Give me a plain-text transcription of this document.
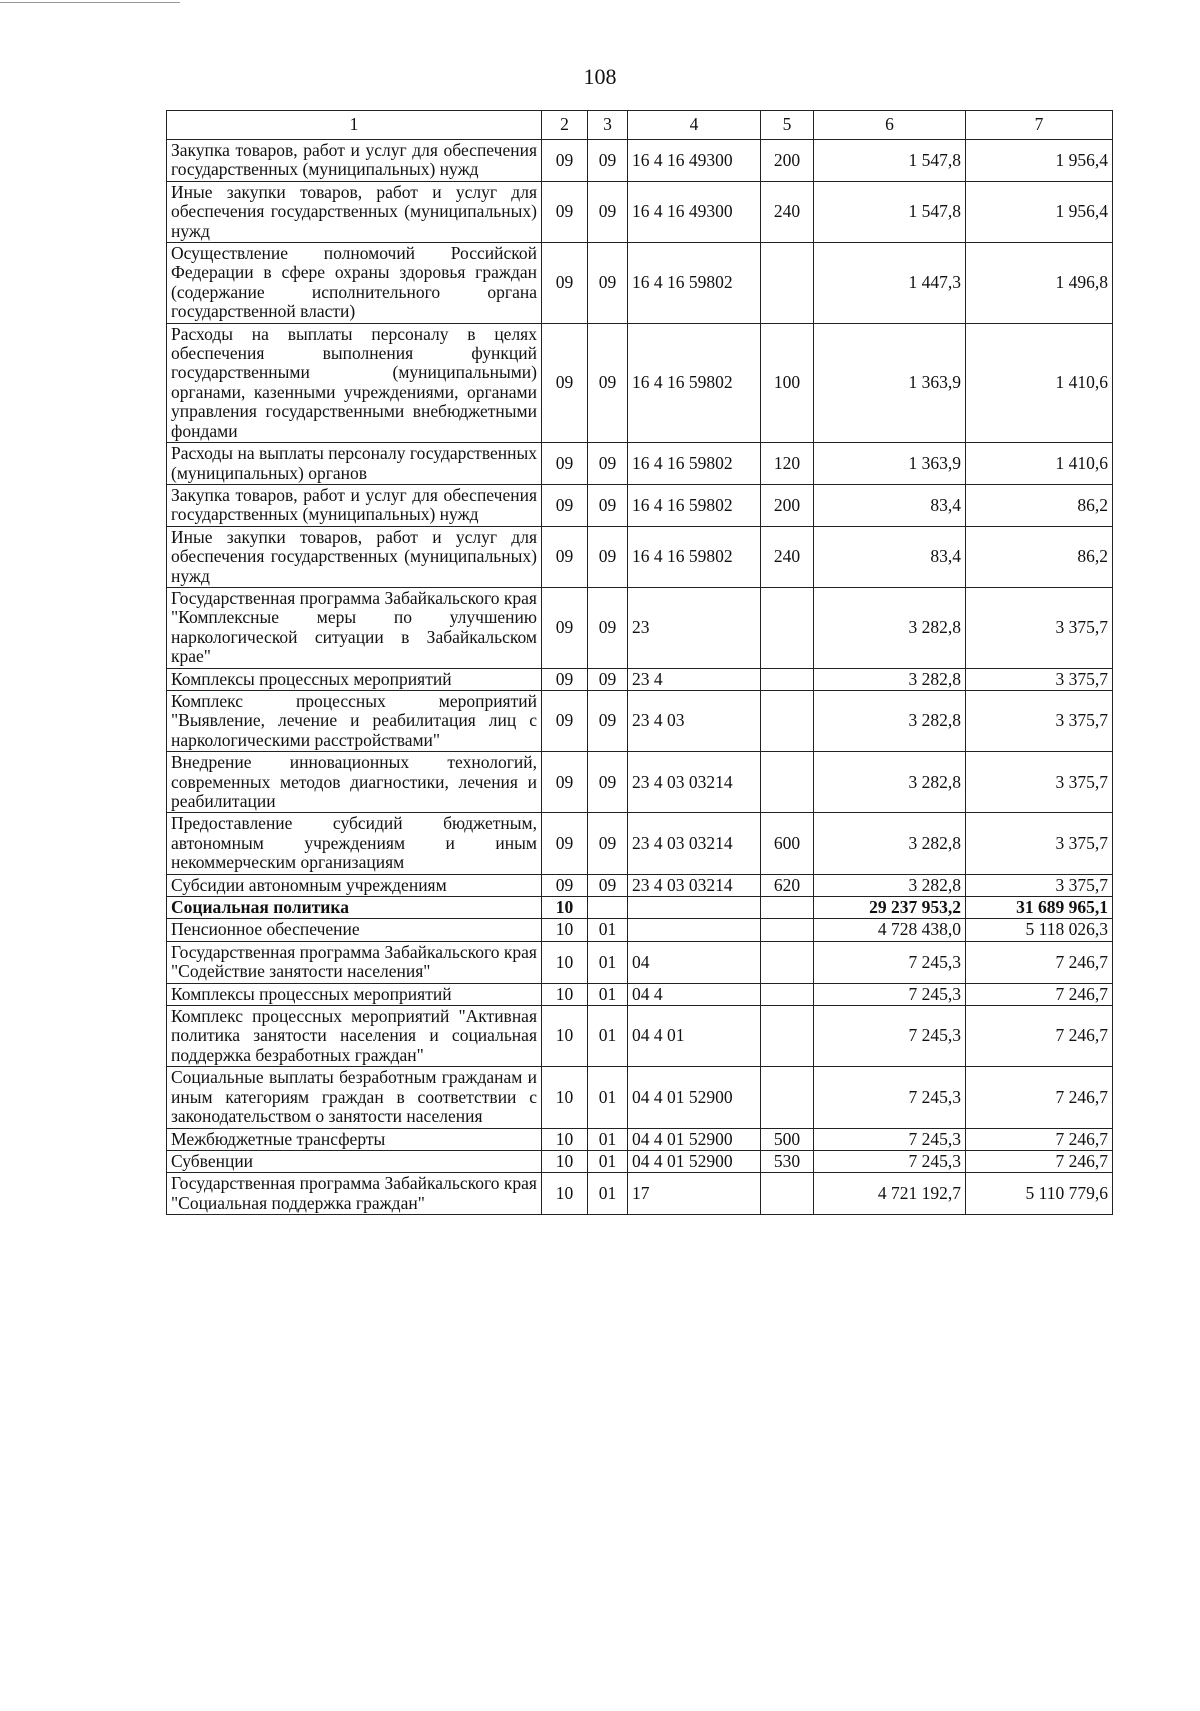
108
1	2	3	4	5	6	7
Закупка товаров, работ и услуг для обеспечения государственных (муниципальных) нужд	09	09	16 4 16 49300	200	1 547,8	1 956,4
Иные закупки товаров, работ и услуг для обеспечения государственных (муниципальных) нужд	09	09	16 4 16 49300	240	1 547,8	1 956,4
Осуществление полномочий Российской Федерации в сфере охраны здоровья граждан (содержание исполнительного органа государственной власти)	09	09	16 4 16 59802		1 447,3	1 496,8
Расходы на выплаты персоналу в целях обеспечения выполнения функций государственными (муниципальными) органами, казенными учреждениями, органами управления государственными внебюджетными фондами	09	09	16 4 16 59802	100	1 363,9	1 410,6
Расходы на выплаты персоналу государственных (муниципальных) органов	09	09	16 4 16 59802	120	1 363,9	1 410,6
Закупка товаров, работ и услуг для обеспечения государственных (муниципальных) нужд	09	09	16 4 16 59802	200	83,4	86,2
Иные закупки товаров, работ и услуг для обеспечения государственных (муниципальных) нужд	09	09	16 4 16 59802	240	83,4	86,2
Государственная программа Забайкальского края "Комплексные меры по улучшению наркологической ситуации в Забайкальском крае"	09	09	23		3 282,8	3 375,7
Комплексы процессных мероприятий	09	09	23 4		3 282,8	3 375,7
Комплекс процессных мероприятий "Выявление, лечение и реабилитация лиц с наркологическими расстройствами"	09	09	23 4 03		3 282,8	3 375,7
Внедрение инновационных технологий, современных методов диагностики, лечения и реабилитации	09	09	23 4 03 03214		3 282,8	3 375,7
Предоставление субсидий бюджетным, автономным учреждениям и иным некоммерческим организациям	09	09	23 4 03 03214	600	3 282,8	3 375,7
Субсидии автономным учреждениям	09	09	23 4 03 03214	620	3 282,8	3 375,7
Социальная политика	10				29 237 953,2	31 689 965,1
Пенсионное обеспечение	10	01			4 728 438,0	5 118 026,3
Государственная программа Забайкальского края "Содействие занятости населения"	10	01	04		7 245,3	7 246,7
Комплексы процессных мероприятий	10	01	04 4		7 245,3	7 246,7
Комплекс процессных мероприятий "Активная политика занятости населения и социальная поддержка безработных граждан"	10	01	04 4 01		7 245,3	7 246,7
Социальные выплаты безработным гражданам и иным категориям граждан в соответствии с законодательством о занятости населения	10	01	04 4 01 52900		7 245,3	7 246,7
Межбюджетные трансферты	10	01	04 4 01 52900	500	7 245,3	7 246,7
Субвенции	10	01	04 4 01 52900	530	7 245,3	7 246,7
Государственная программа Забайкальского края "Социальная поддержка граждан"	10	01	17		4 721 192,7	5 110 779,6
